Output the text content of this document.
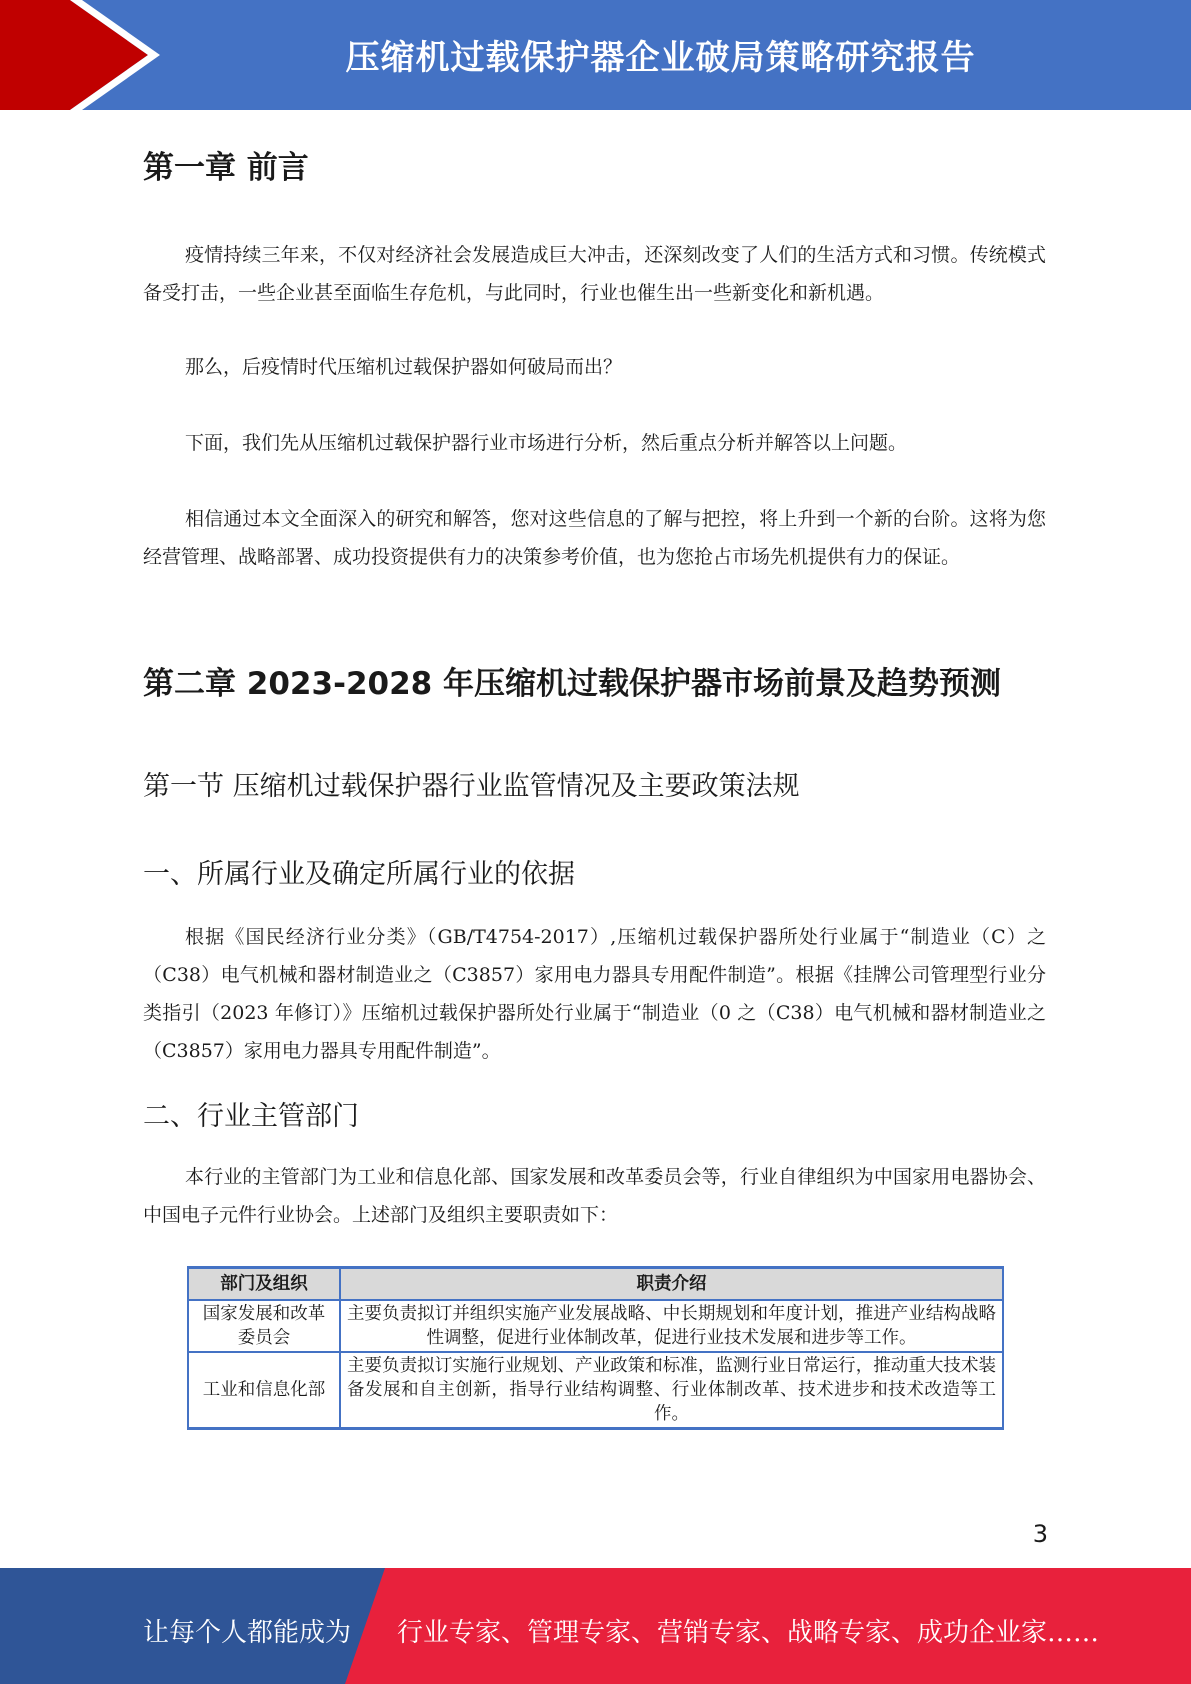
压缩机过载保护器企业破局策略研究报告
第一章 前言

疫情持续三年来，不仅对经济社会发展造成巨大冲击，还深刻改变了人们的生活方式和习惯。传统模式备受打击，一些企业甚至面临生存危机，与此同时，行业也催生出一些新变化和新机遇。

那么，后疫情时代压缩机过载保护器如何破局而出？

下面，我们先从压缩机过载保护器行业市场进行分析，然后重点分析并解答以上问题。

相信通过本文全面深入的研究和解答，您对这些信息的了解与把控，将上升到一个新的台阶。这将为您经营管理、战略部署、成功投资提供有力的决策参考价值，也为您抢占市场先机提供有力的保证。

第二章 2023-2028 年压缩机过载保护器市场前景及趋势预测
第一节 压缩机过载保护器行业监管情况及主要政策法规
一、所属行业及确定所属行业的依据

根据《国民经济行业分类》（GB/T4754-2017）,压缩机过载保护器所处行业属于“制造业（C）之（C38）电气机械和器材制造业之（C3857）家用电力器具专用配件制造”。根据《挂牌公司管理型行业分类指引（2023 年修订）》压缩机过载保护器所处行业属于“制造业（0 之（C38）电气机械和器材制造业之（C3857）家用电力器具专用配件制造”。

二、行业主管部门

本行业的主管部门为工业和信息化部、国家发展和改革委员会等，行业自律组织为中国家用电器协会、中国电子元件行业协会。上述部门及组织主要职责如下：

部门及组织	职责介绍
国家发展和改革委员会	主要负责拟订并组织实施产业发展战略、中长期规划和年度计划，推进产业结构战略性调整，促进行业体制改革，促进行业技术发展和进步等工作。
工业和信息化部	主要负责拟订实施行业规划、产业政策和标准，监测行业日常运行，推动重大技术装备发展和自主创新，指导行业结构调整、行业体制改革、技术进步和技术改造等工作。
3
让每个人都能成为 行业专家、管理专家、营销专家、战略专家、成功企业家……
